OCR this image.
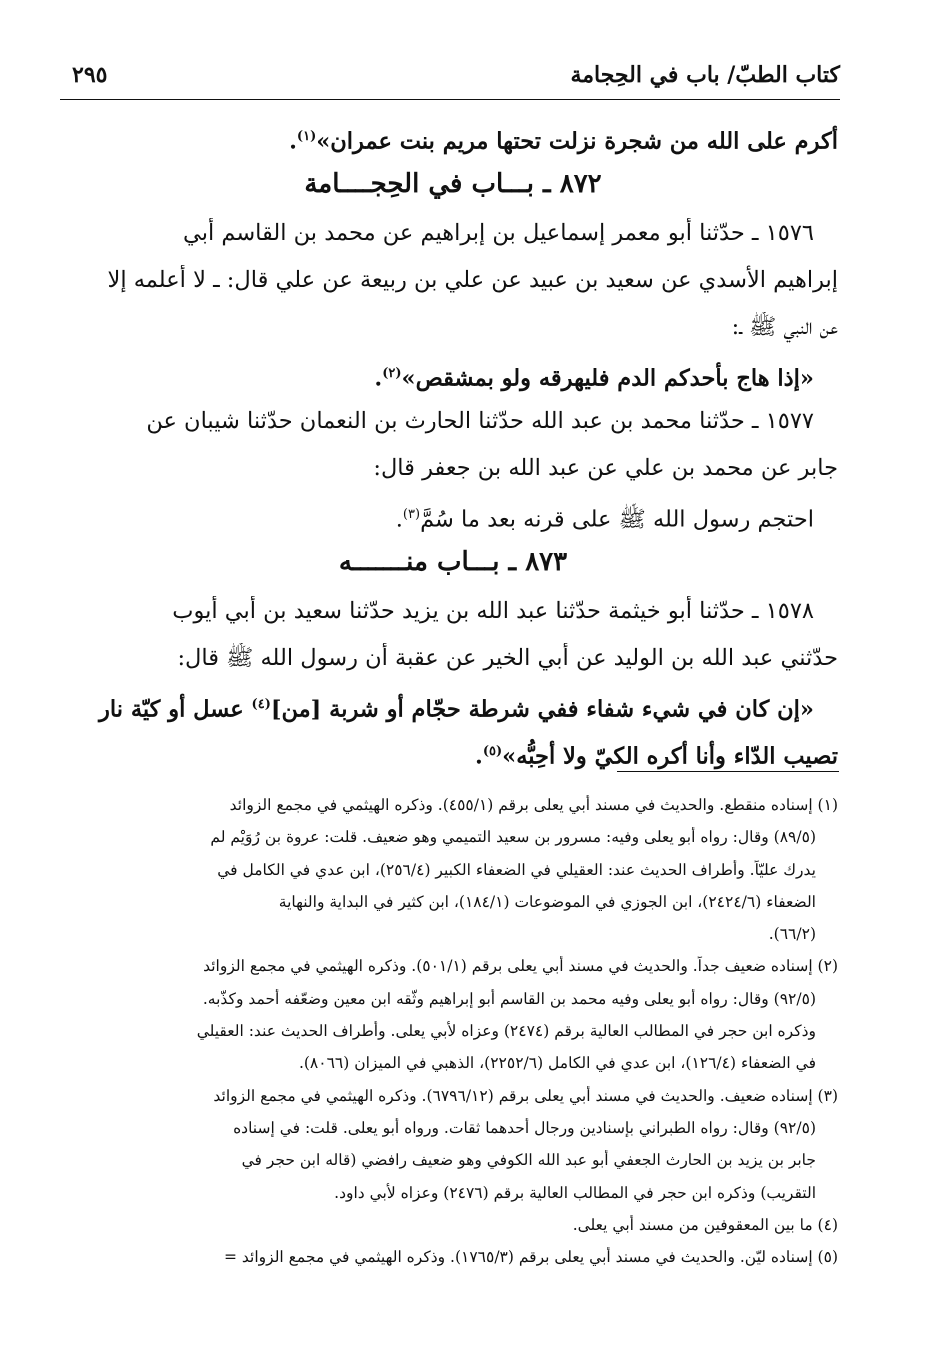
كتاب الطبّ/ باب في الحِجامة
٢٩٥
أكرم على الله من شجرة نزلت تحتها مريم بنت عمران»$^{(١)}$.
٨٧٢ ـ بـــاب في الحِجــــامة
١٥٧٦ ـ حدّثنا أبو معمر إسماعيل بن إبراهيم عن محمد بن القاسم أبي
إبراهيم الأسدي عن سعيد بن عبيد عن علي بن ربيعة عن علي قال: ـ لا أعلمه إلا
عن النبي ﷺ ـ:
«إذا هاج بأحدكم الدم فليهرقه ولو بمشقص»$^{(٢)}$.
١٥٧٧ ـ حدّثنا محمد بن عبد الله حدّثنا الحارث بن النعمان حدّثنا شيبان عن
جابر عن محمد بن علي عن عبد الله بن جعفر قال:
احتجم رسول الله ﷺ على قرنه بعد ما سُمَّ$^{(٣)}$.
٨٧٣ ـ بـــاب منـــــــه
١٥٧٨ ـ حدّثنا أبو خيثمة حدّثنا عبد الله بن يزيد حدّثنا سعيد بن أبي أيوب
حدّثني عبد الله بن الوليد عن أبي الخير عن عقبة أن رسول الله ﷺ قال:
«إن كان في شيء شفاء ففي شرطة حجّام أو شربة [من]$^{(٤)}$ عسل أو كيّة نار
تصيب الدّاء وأنا أكره الكيّ ولا أحِبُّه»$^{(٥)}$.
(١) إسناده منقطع. والحديث في مسند أبي يعلى برقم (٤٥٥/١). وذكره الهيثمي في مجمع الزوائد
(٨٩/٥) وقال: رواه أبو يعلى وفيه: مسرور بن سعيد التميمي وهو ضعيف. قلت: عروة بن رُوَيْم لم
يدرك عليّاً. وأطراف الحديث عند: العقيلي في الضعفاء الكبير (٢٥٦/٤)، ابن عدي في الكامل في
الضعفاء (٢٤٢٤/٦)، ابن الجوزي في الموضوعات (١٨٤/١)، ابن كثير في البداية والنهاية
(٦٦/٢).
(٢) إسناده ضعيف جداً. والحديث في مسند أبي يعلى برقم (٥٠١/١). وذكره الهيثمي في مجمع الزوائد
(٩٢/٥) وقال: رواه أبو يعلى وفيه محمد بن القاسم أبو إبراهيم وثّقه ابن معين وضعّفه أحمد وكذّبه.
وذكره ابن حجر في المطالب العالية برقم (٢٤٧٤) وعزاه لأبي يعلى. وأطراف الحديث عند: العقيلي
في الضعفاء (١٢٦/٤)، ابن عدي في الكامل (٢٢٥٢/٦)، الذهبي في الميزان (٨٠٦٦).
(٣) إسناده ضعيف. والحديث في مسند أبي يعلى برقم (٦٧٩٦/١٢). وذكره الهيثمي في مجمع الزوائد
(٩٢/٥) وقال: رواه الطبراني بإسنادين ورجال أحدهما ثقات. ورواه أبو يعلى. قلت: في إسناده
جابر بن يزيد بن الحارث الجعفي أبو عبد الله الكوفي وهو ضعيف رافضي (قاله ابن حجر في
التقريب) وذكره ابن حجر في المطالب العالية برقم (٢٤٧٦) وعزاه لأبي داود.
(٤) ما بين المعقوفين من مسند أبي يعلى.
(٥) إسناده ليّن. والحديث في مسند أبي يعلى برقم (١٧٦٥/٣). وذكره الهيثمي في مجمع الزوائد =
